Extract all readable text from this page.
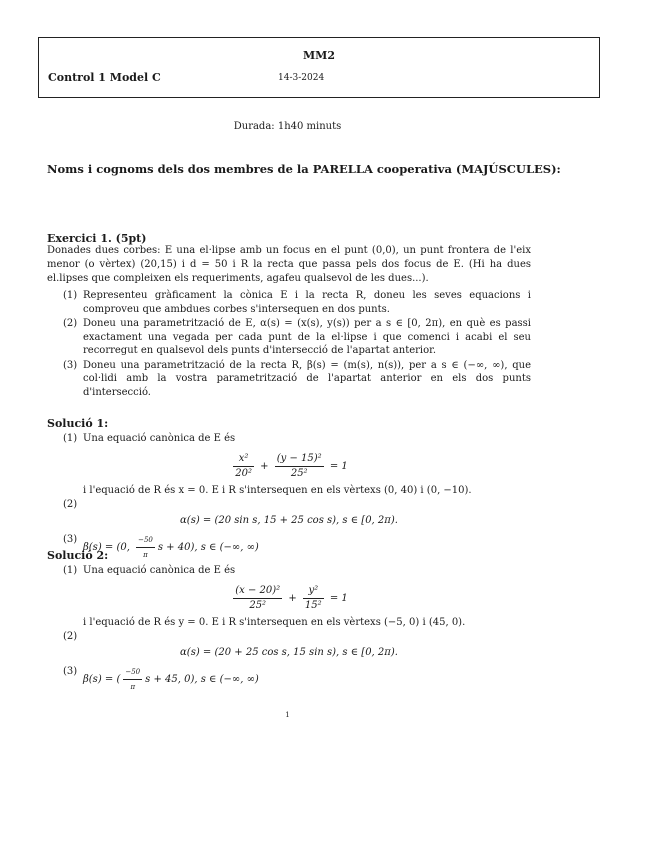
MM2
Control 1 Model C	14-3-2024
Durada: 1h40 minuts
Noms i cognoms dels dos membres de la PARELLA cooperativa (MAJÚSCULES):
Exercici 1. (5pt)
Donades dues corbes: E una el·lipse amb un focus en el punt (0,0), un punt frontera de l'eix menor (o vèrtex) (20,15) i d = 50 i R la recta que passa pels dos focus de E. (Hi ha dues el.lipses que compleixen els requeriments, agafeu qualsevol de les dues...).
(1) Representeu gràficament la cònica E i la recta R, doneu les seves equacions i comproveu que ambdues corbes s'intersequen en dos punts.
(2) Doneu una parametrització de E, α(s) = (x(s), y(s)) per a s ∈ [0, 2π), en què es passi exactament una vegada per cada punt de la el·lipse i que comenci i acabi el seu recorregut en qualsevol dels punts d'intersecció de l'apartat anterior.
(3) Doneu una parametrització de la recta R, β(s) = (m(s), n(s)), per a s ∈ (−∞, ∞), que col·lidi amb la vostra parametrització de l'apartat anterior en els dos punts d'intersecció.
Solució 1:
(1) Una equació canònica de E és
$\frac{\text{x²}}{\text{20²}} + \frac{\text{(y − 15)²}}{\text{25²}} = 1$
i l'equació de R és x = 0. E i R s'intersequen en els vèrtexs (0, 40) i (0, −10).
(2)
α(s) = (20 sin s, 15 + 25 cos s), s ∈ [0, 2π).
(3)
β(s) = (0, $\frac{-50}{\pi}$ s + 40), s ∈ (−∞, ∞)
Solució 2:
(1) Una equació canònica de E és
$\frac{\text{(x − 20)²}}{\text{25²}} + \frac{\text{y²}}{\text{15²}} = 1$
i l'equació de R és y = 0. E i R s'intersequen en els vèrtexs (−5, 0) i (45, 0).
(2)
α(s) = (20 + 25 cos s, 15 sin s), s ∈ [0, 2π).
(3)
β(s) = ( $\frac{-50}{\pi}$ s + 45, 0), s ∈ (−∞, ∞)
1
